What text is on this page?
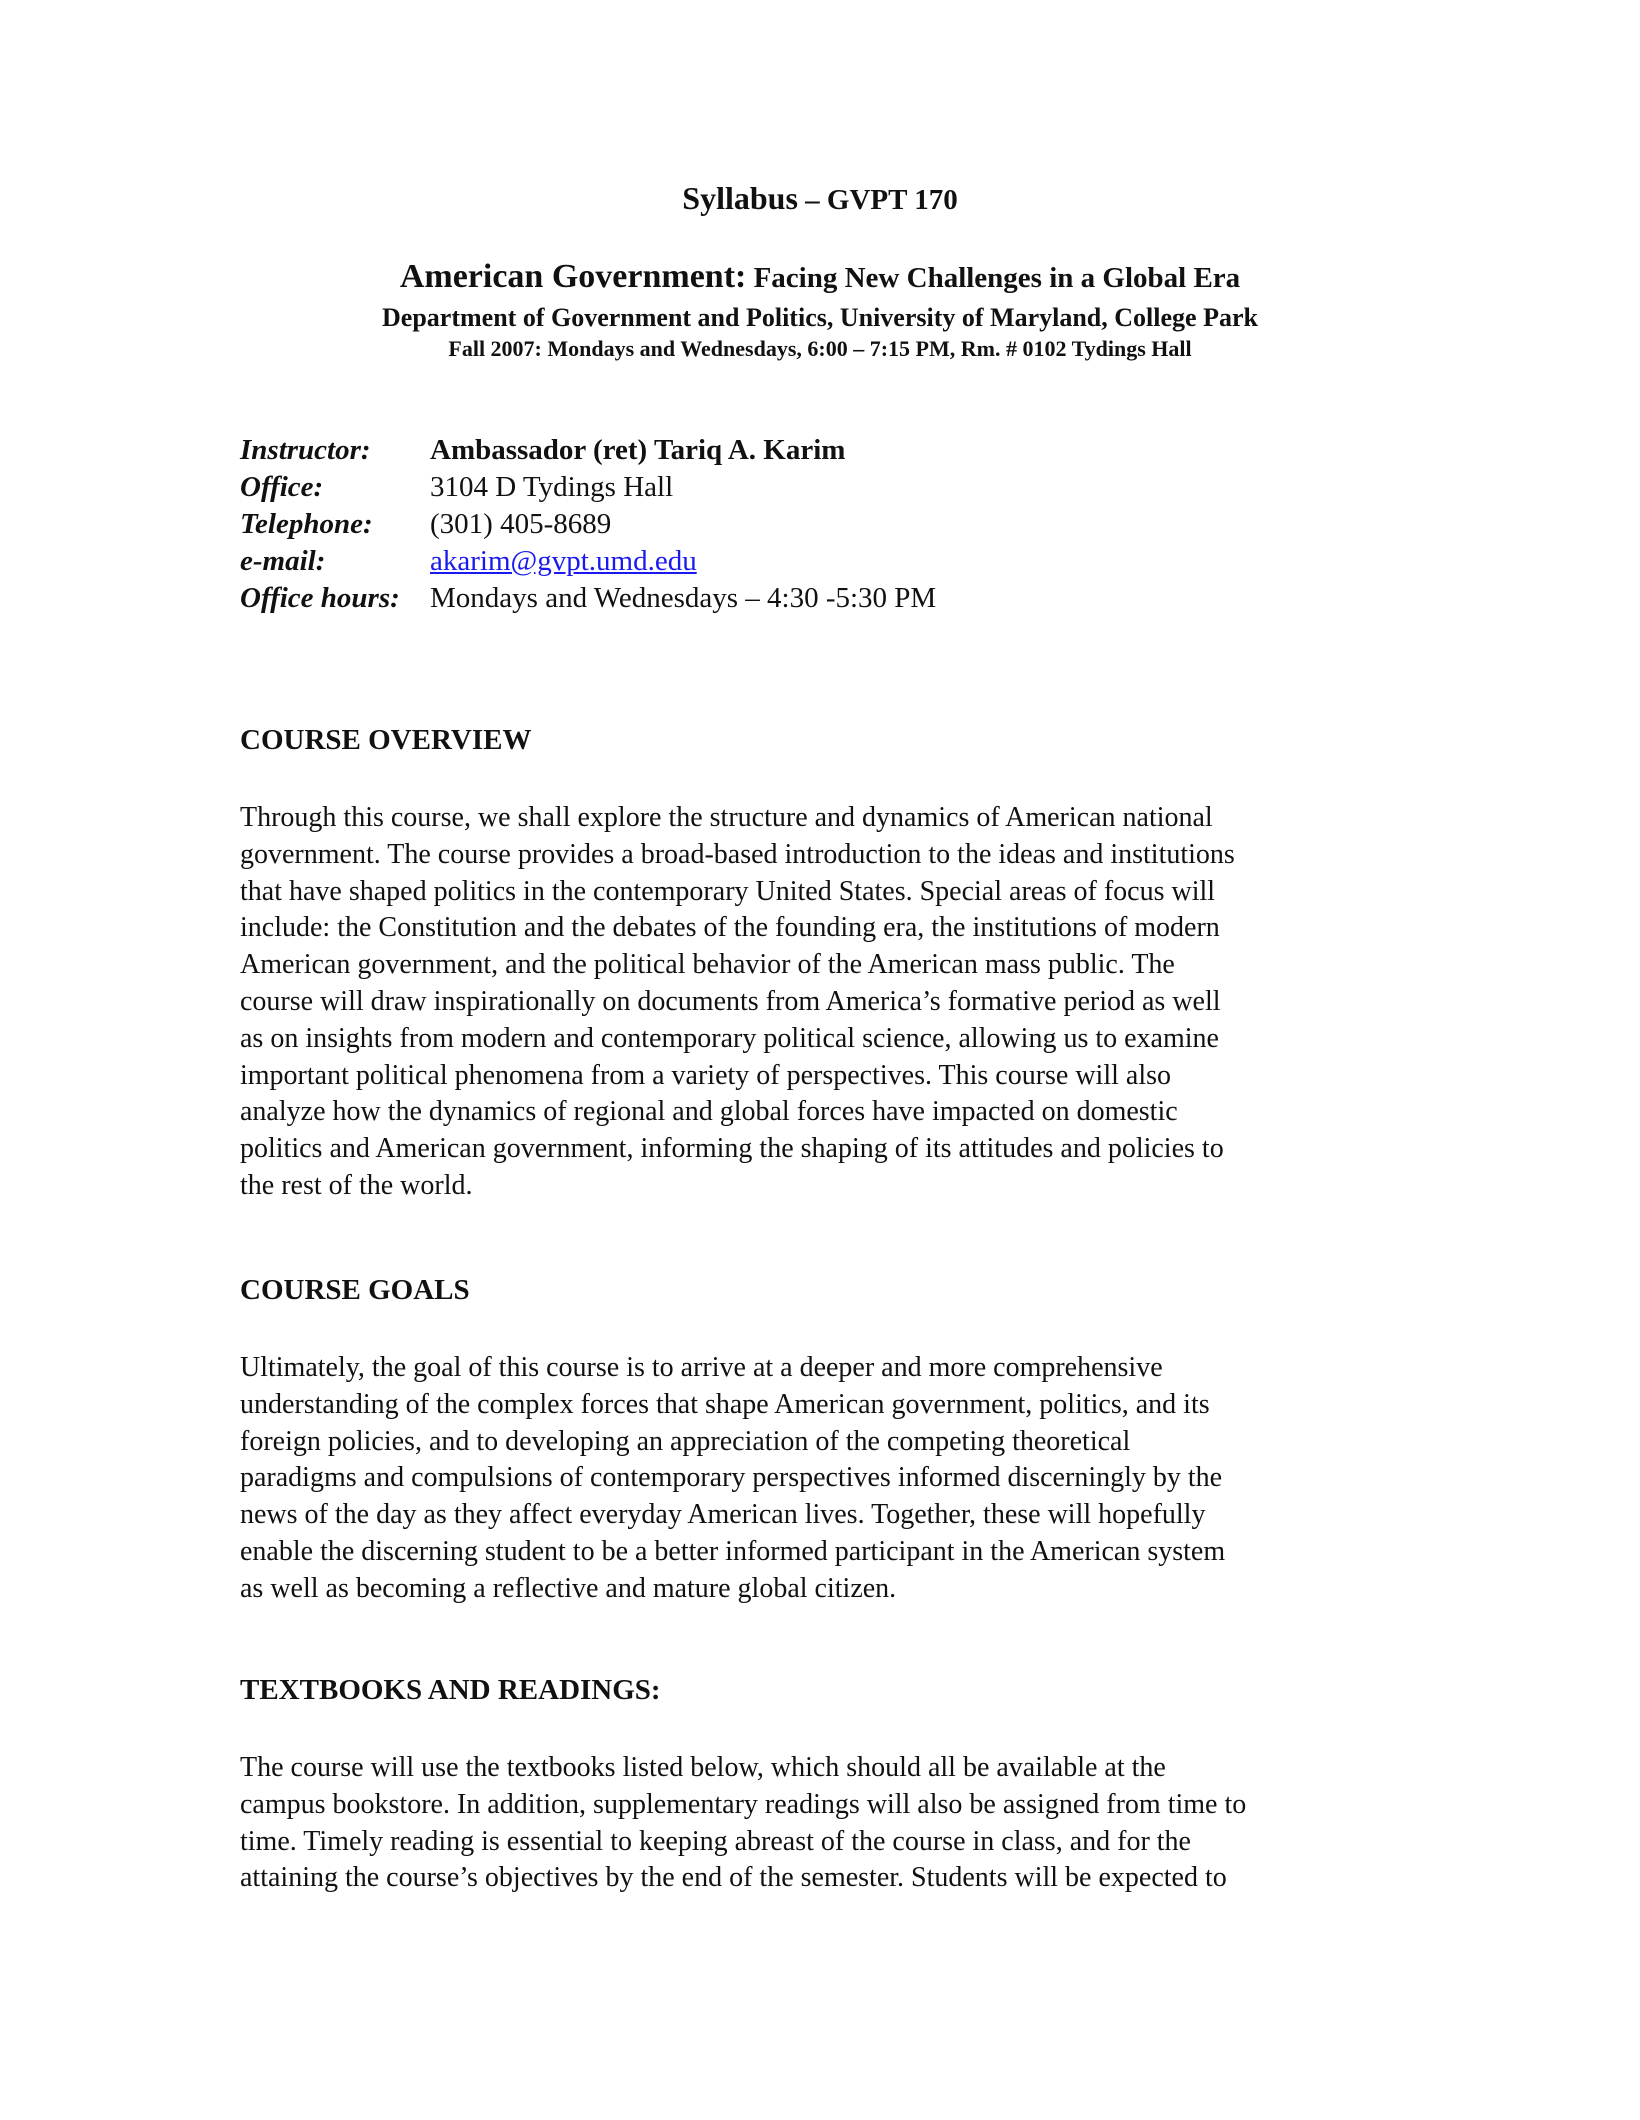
Syllabus – GVPT 170
American Government: Facing New Challenges in a Global Era
Department of Government and Politics, University of Maryland, College Park
Fall 2007: Mondays and Wednesdays, 6:00 – 7:15 PM, Rm. # 0102 Tydings Hall
Instructor:	Ambassador (ret) Tariq A. Karim
Office:	3104 D Tydings Hall
Telephone:	(301) 405-8689
e-mail:	akarim@gvpt.umd.edu
Office hours:	Mondays and Wednesdays – 4:30 -5:30 PM
COURSE OVERVIEW
Through this course, we shall explore the structure and dynamics of American national
government. The course provides a broad-based introduction to the ideas and institutions
that have shaped politics in the contemporary United States. Special areas of focus will
include: the Constitution and the debates of the founding era, the institutions of modern
American government, and the political behavior of the American mass public. The
course will draw inspirationally on documents from America’s formative period as well
as on insights from modern and contemporary political science, allowing us to examine
important political phenomena from a variety of perspectives. This course will also
analyze how the dynamics of regional and global forces have impacted on domestic
politics and American government, informing the shaping of its attitudes and policies to
the rest of the world.
COURSE GOALS
Ultimately, the goal of this course is to arrive at a deeper and more comprehensive
understanding of the complex forces that shape American government, politics, and its
foreign policies, and to developing an appreciation of the competing theoretical
paradigms and compulsions of contemporary perspectives informed discerningly by the
news of the day as they affect everyday American lives. Together, these will hopefully
enable the discerning student to be a better informed participant in the American system
as well as becoming a reflective and mature global citizen.
TEXTBOOKS AND READINGS:
The course will use the textbooks listed below, which should all be available at the
campus bookstore. In addition, supplementary readings will also be assigned from time to
time. Timely reading is essential to keeping abreast of the course in class, and for the
attaining the course’s objectives by the end of the semester. Students will be expected to
